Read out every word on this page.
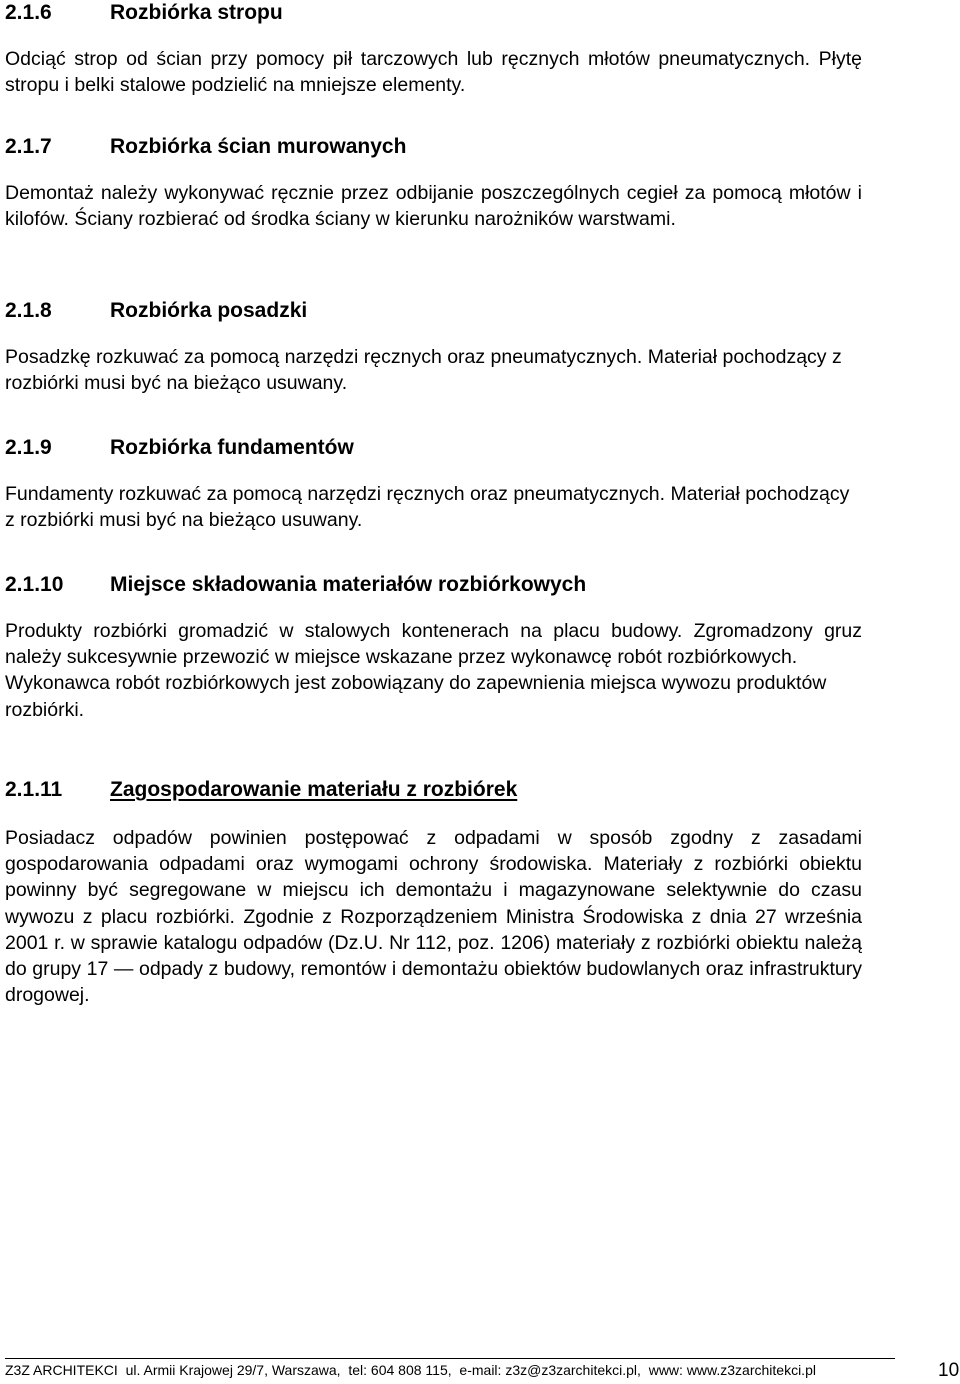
2.1.6	Rozbiórka stropu

Odciąć strop od ścian przy pomocy pił tarczowych lub ręcznych młotów pneumatycznych. Płytę stropu i belki stalowe podzielić na mniejsze elementy.

2.1.7	Rozbiórka ścian murowanych

Demontaż należy wykonywać ręcznie przez odbijanie poszczególnych cegieł za pomocą młotów i kilofów. Ściany rozbierać od środka ściany w kierunku narożników warstwami.

2.1.8	Rozbiórka posadzki

Posadzkę rozkuwać za pomocą narzędzi ręcznych oraz pneumatycznych. Materiał pochodzący z rozbiórki musi być na bieżąco usuwany.

2.1.9	Rozbiórka fundamentów

Fundamenty rozkuwać za pomocą narzędzi ręcznych oraz pneumatycznych. Materiał pochodzący z rozbiórki musi być na bieżąco usuwany.

2.1.10	Miejsce składowania materiałów rozbiórkowych

Produkty rozbiórki gromadzić w stalowych kontenerach na placu budowy. Zgromadzony gruz należy sukcesywnie przewozić w miejsce wskazane przez wykonawcę robót rozbiórkowych.

Wykonawca robót rozbiórkowych jest zobowiązany do zapewnienia miejsca wywozu produktów rozbiórki.

2.1.11	Zagospodarowanie materiału z rozbiórek

Posiadacz odpadów powinien postępować z odpadami w sposób zgodny z zasadami gospodarowania odpadami oraz wymogami ochrony środowiska. Materiały z rozbiórki obiektu powinny być segregowane w miejscu ich demontażu i magazynowane selektywnie do czasu wywozu z placu rozbiórki. Zgodnie z Rozporządzeniem Ministra Środowiska z dnia 27 września 2001 r. w sprawie katalogu odpadów (Dz.U. Nr 112, poz. 1206) materiały z rozbiórki obiektu należą do grupy 17 — odpady z budowy, remontów i demontażu obiektów budowlanych oraz infrastruktury drogowej.

Z3Z ARCHITEKCI ul. Armii Krajowej 29/7, Warszawa, tel: 604 808 115, e-mail: z3z@z3zarchitekci.pl, www: www.z3zarchitekci.pl	10
